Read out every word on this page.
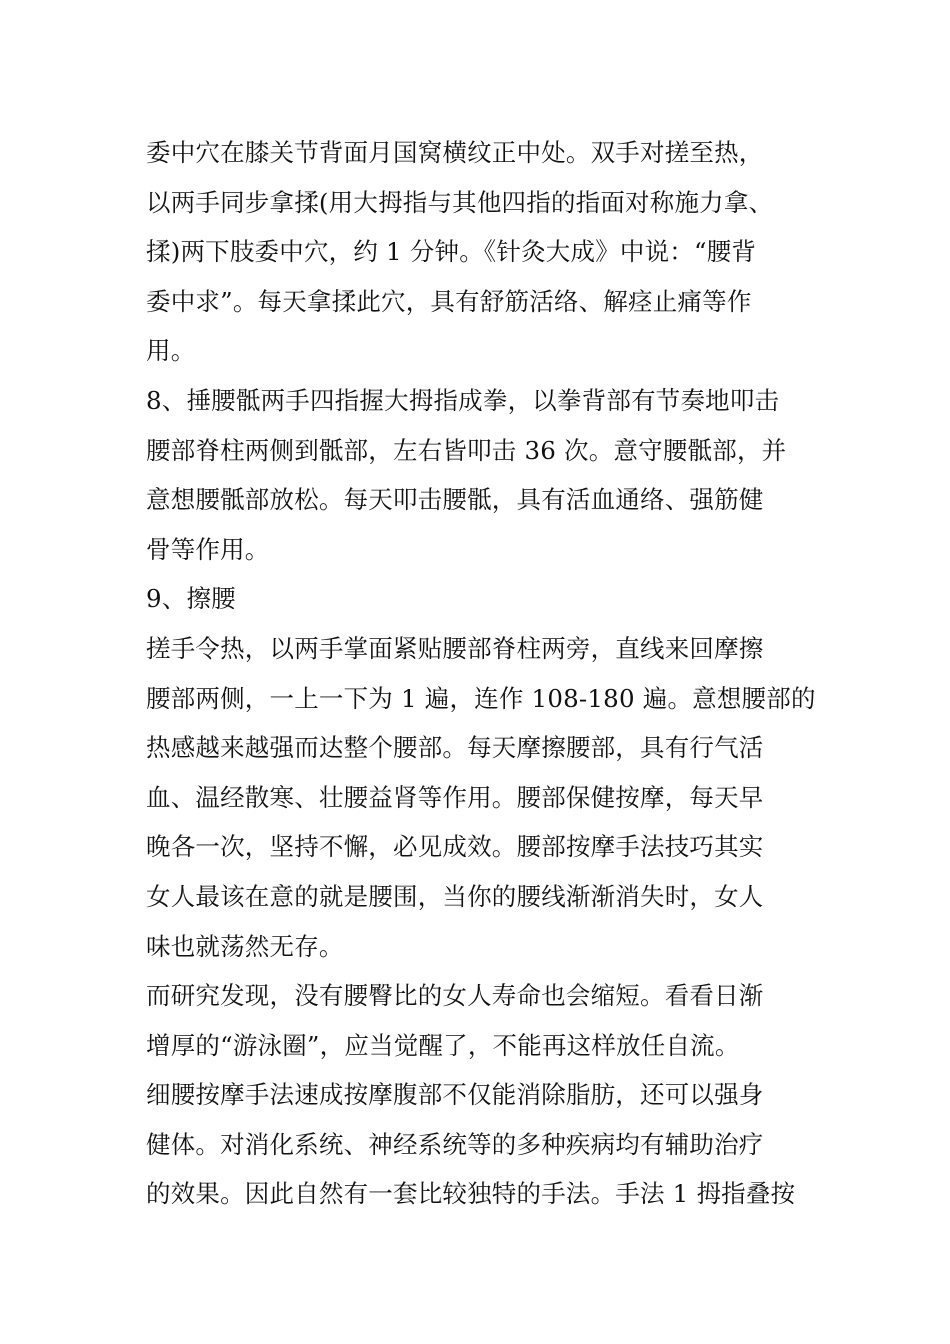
委中穴在膝关节背面月国窝横纹正中处。双手对搓至热，
以两手同步拿揉(用大拇指与其他四指的指面对称施力拿、
揉)两下肢委中穴，约 1 分钟。《针灸大成》中说：“腰背
委中求”。每天拿揉此穴，具有舒筋活络、解痉止痛等作
用。
8、捶腰骶两手四指握大拇指成拳，以拳背部有节奏地叩击
腰部脊柱两侧到骶部，左右皆叩击 36 次。意守腰骶部，并
意想腰骶部放松。每天叩击腰骶，具有活血通络、强筋健
骨等作用。
9、擦腰
搓手令热，以两手掌面紧贴腰部脊柱两旁，直线来回摩擦
腰部两侧，一上一下为 1 遍，连作 108-180 遍。意想腰部的
热感越来越强而达整个腰部。每天摩擦腰部，具有行气活
血、温经散寒、壮腰益肾等作用。腰部保健按摩，每天早
晚各一次，坚持不懈，必见成效。腰部按摩手法技巧其实
女人最该在意的就是腰围，当你的腰线渐渐消失时，女人
味也就荡然无存。
而研究发现，没有腰臀比的女人寿命也会缩短。看看日渐
增厚的“游泳圈”，应当觉醒了，不能再这样放任自流。
细腰按摩手法速成按摩腹部不仅能消除脂肪，还可以强身
健体。对消化系统、神经系统等的多种疾病均有辅助治疗
的效果。因此自然有一套比较独特的手法。手法 1 拇指叠按
